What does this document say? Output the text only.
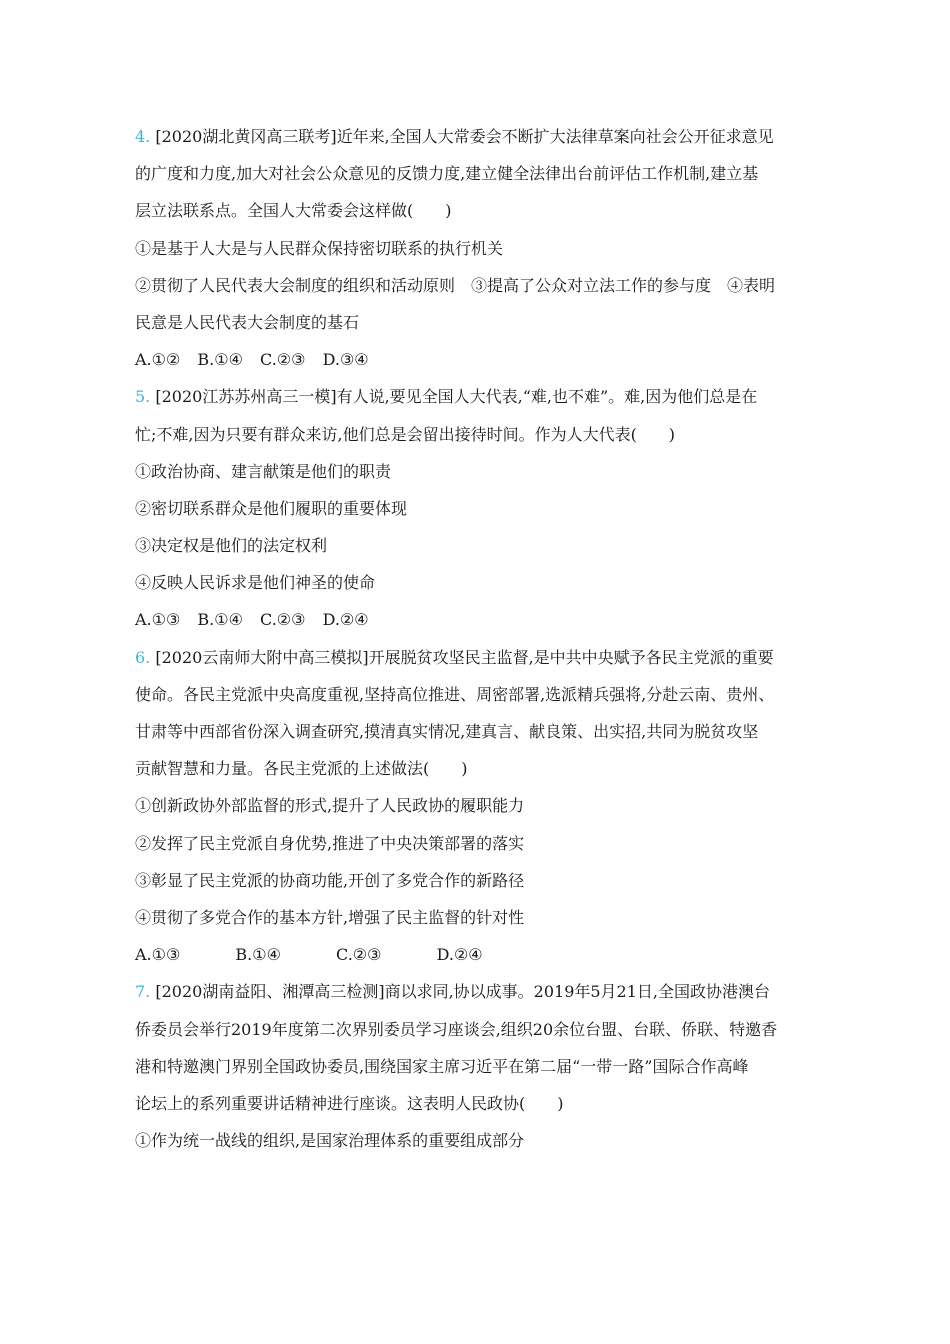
4. [2020湖北黄冈高三联考]近年来,全国人大常委会不断扩大法律草案向社会公开征求意见
的广度和力度,加大对社会公众意见的反馈力度,建立健全法律出台前评估工作机制,建立基
层立法联系点。全国人大常委会这样做(　　)
①是基于人大是与人民群众保持密切联系的执行机关
②贯彻了人民代表大会制度的组织和活动原则　③提高了公众对立法工作的参与度　④表明
民意是人民代表大会制度的基石
A.①② B.①④ C.②③ D.③④
5. [2020江苏苏州高三一模]有人说,要见全国人大代表,“难,也不难”。难,因为他们总是在
忙;不难,因为只要有群众来访,他们总是会留出接待时间。作为人大代表(　　)
①政治协商、建言献策是他们的职责
②密切联系群众是他们履职的重要体现
③决定权是他们的法定权利
④反映人民诉求是他们神圣的使命
A.①③ B.①④ C.②③ D.②④
6. [2020云南师大附中高三模拟]开展脱贫攻坚民主监督,是中共中央赋予各民主党派的重要
使命。各民主党派中央高度重视,坚持高位推进、周密部署,选派精兵强将,分赴云南、贵州、
甘肃等中西部省份深入调查研究,摸清真实情况,建真言、献良策、出实招,共同为脱贫攻坚
贡献智慧和力量。各民主党派的上述做法(　　)
①创新政协外部监督的形式,提升了人民政协的履职能力
②发挥了民主党派自身优势,推进了中央决策部署的落实
③彰显了民主党派的协商功能,开创了多党合作的新路径
④贯彻了多党合作的基本方针,增强了民主监督的针对性
A.①③	B.①④	C.②③	D.②④
7. [2020湖南益阳、湘潭高三检测]商以求同,协以成事。2019年5月21日,全国政协港澳台
侨委员会举行2019年度第二次界别委员学习座谈会,组织20余位台盟、台联、侨联、特邀香
港和特邀澳门界别全国政协委员,围绕国家主席习近平在第二届“一带一路”国际合作高峰
论坛上的系列重要讲话精神进行座谈。这表明人民政协(　　)
①作为统一战线的组织,是国家治理体系的重要组成部分
